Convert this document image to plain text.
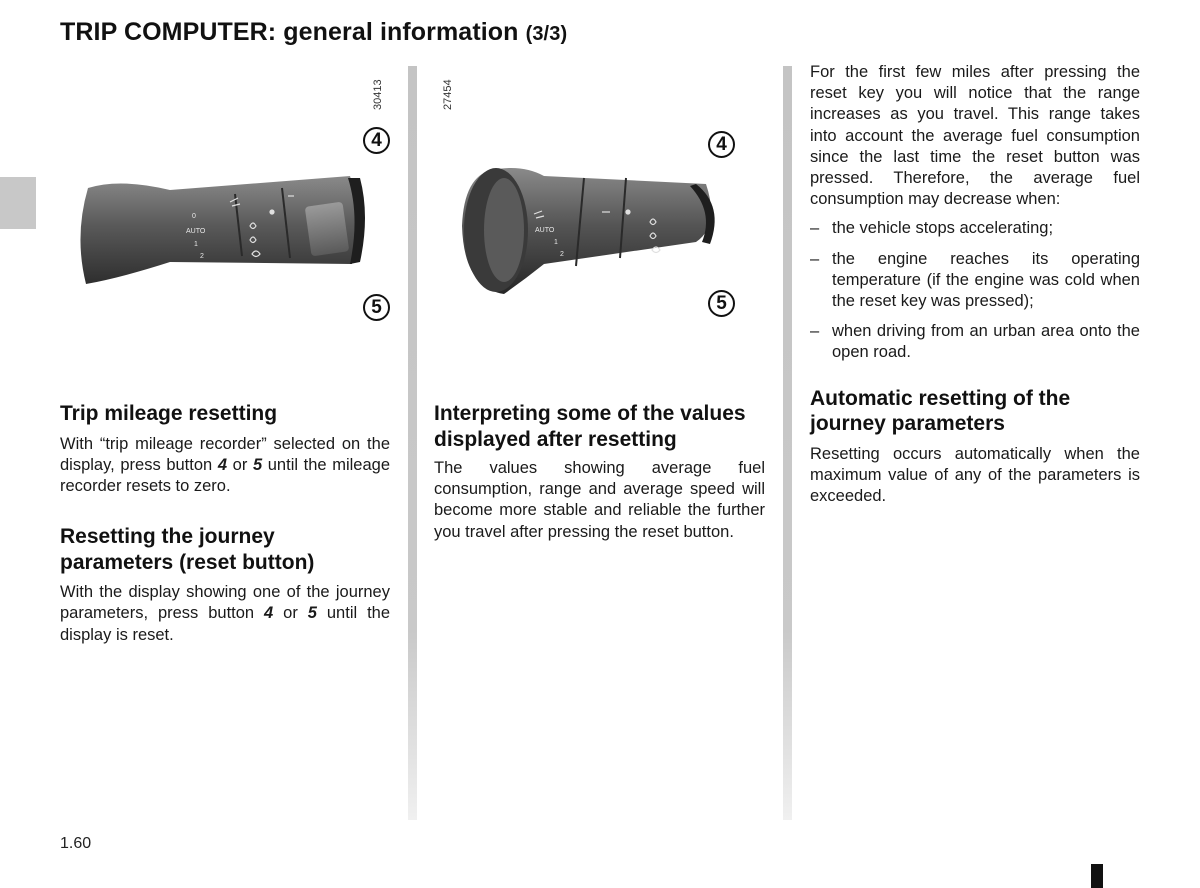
TRIP COMPUTER: general information (3/3)
0
AUTO
1
2
30413
4
5
AUTO
1
2
27454
4
5
Trip mileage resetting

With “trip mileage recorder” selected on the display, press button 4 or 5 until the mileage recorder resets to zero.

Resetting the journey parameters (reset button)

With the display showing one of the journey parameters, press button 4 or 5 until the display is reset.

Interpreting some of the values displayed after resetting

The values showing average fuel consumption, range and average speed will become more stable and reliable the further you travel after pressing the reset button.

For the first few miles after pressing the reset key you will notice that the range increases as you travel. This range takes into account the average fuel consumption since the last time the reset button was pressed. Therefore, the average fuel consumption may decrease when:

– the vehicle stops accelerating;
– the engine reaches its operating temperature (if the engine was cold when the reset key was pressed);
– when driving from an urban area onto the open road.
Automatic resetting of the journey parameters

Resetting occurs automatically when the maximum value of any of the parameters is exceeded.

1.60
